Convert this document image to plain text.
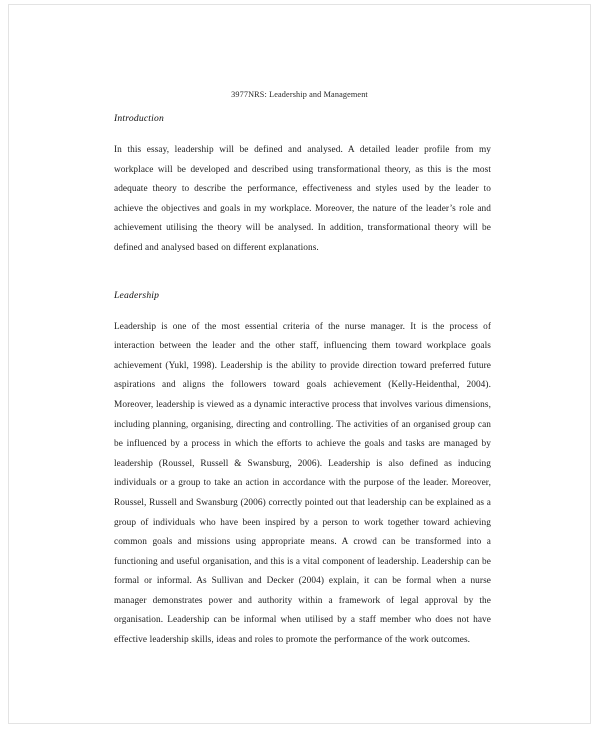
3977NRS: Leadership and Management
Introduction

In this essay, leadership will be defined and analysed. A detailed leader profile from my workplace will be developed and described using transformational theory, as this is the most adequate theory to describe the performance, effectiveness and styles used by the leader to achieve the objectives and goals in my workplace. Moreover, the nature of the leader’s role and achievement utilising the theory will be analysed. In addition, transformational theory will be defined and analysed based on different explanations.

Leadership

Leadership is one of the most essential criteria of the nurse manager. It is the process of interaction between the leader and the other staff, influencing them toward workplace goals achievement (Yukl, 1998). Leadership is the ability to provide direction toward preferred future aspirations and aligns the followers toward goals achievement (Kelly-Heidenthal, 2004). Moreover, leadership is viewed as a dynamic interactive process that involves various dimensions, including planning, organising, directing and controlling. The activities of an organised group can be influenced by a process in which the efforts to achieve the goals and tasks are managed by leadership (Roussel, Russell & Swansburg, 2006). Leadership is also defined as inducing individuals or a group to take an action in accordance with the purpose of the leader. Moreover, Roussel, Russell and Swansburg (2006) correctly pointed out that leadership can be explained as a group of individuals who have been inspired by a person to work together toward achieving common goals and missions using appropriate means. A crowd can be transformed into a functioning and useful organisation, and this is a vital component of leadership. Leadership can be formal or informal. As Sullivan and Decker (2004) explain, it can be formal when a nurse manager demonstrates power and authority within a framework of legal approval by the organisation. Leadership can be informal when utilised by a staff member who does not have effective leadership skills, ideas and roles to promote the performance of the work outcomes.
